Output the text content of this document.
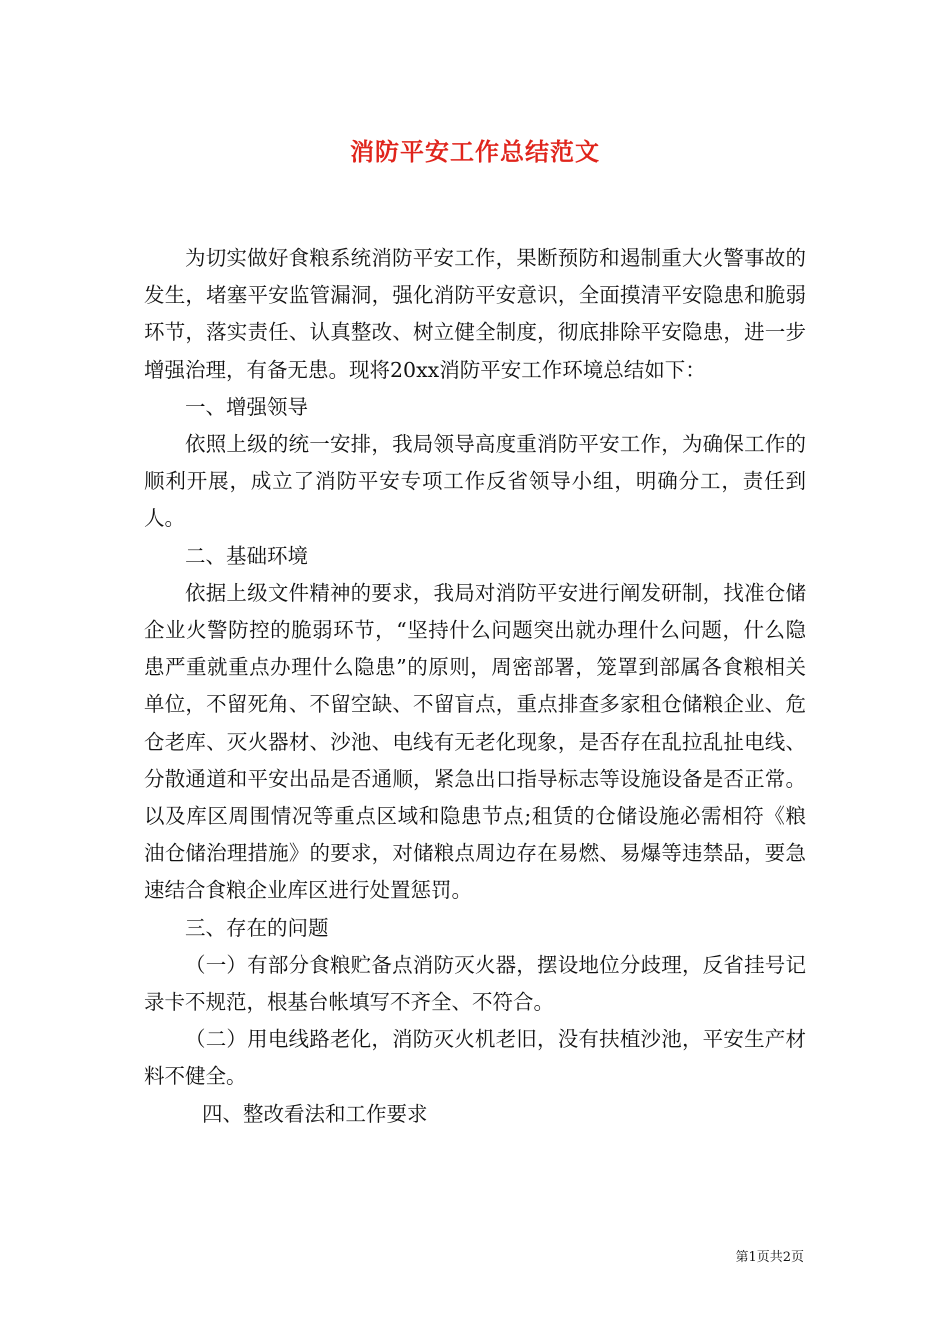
消防平安工作总结范文

为切实做好食粮系统消防平安工作，果断预防和遏制重大火警事故的发生，堵塞平安监管漏洞，强化消防平安意识，全面摸清平安隐患和脆弱环节，落实责任、认真整改、树立健全制度，彻底排除平安隐患，进一步增强治理，有备无患。现将20xx消防平安工作环境总结如下：

一、增强领导

依照上级的统一安排，我局领导高度重消防平安工作，为确保工作的顺利开展，成立了消防平安专项工作反省领导小组，明确分工，责任到人。

二、基础环境

依据上级文件精神的要求，我局对消防平安进行阐发研制，找准仓储企业火警防控的脆弱环节，“坚持什么问题突出就办理什么问题，什么隐患严重就重点办理什么隐患”的原则，周密部署，笼罩到部属各食粮相关单位，不留死角、不留空缺、不留盲点，重点排查多家租仓储粮企业、危仓老库、灭火器材、沙池、电线有无老化现象，是否存在乱拉乱扯电线、分散通道和平安出品是否通顺，紧急出口指导标志等设施设备是否正常。以及库区周围情况等重点区域和隐患节点;租赁的仓储设施必需相符《粮油仓储治理措施》的要求，对储粮点周边存在易燃、易爆等违禁品，要急速结合食粮企业库区进行处置惩罚。

三、存在的问题

（一）有部分食粮贮备点消防灭火器，摆设地位分歧理，反省挂号记录卡不规范，根基台帐填写不齐全、不符合。

（二）用电线路老化，消防灭火机老旧，没有扶植沙池，平安生产材料不健全。

四、整改看法和工作要求

第1页共2页
